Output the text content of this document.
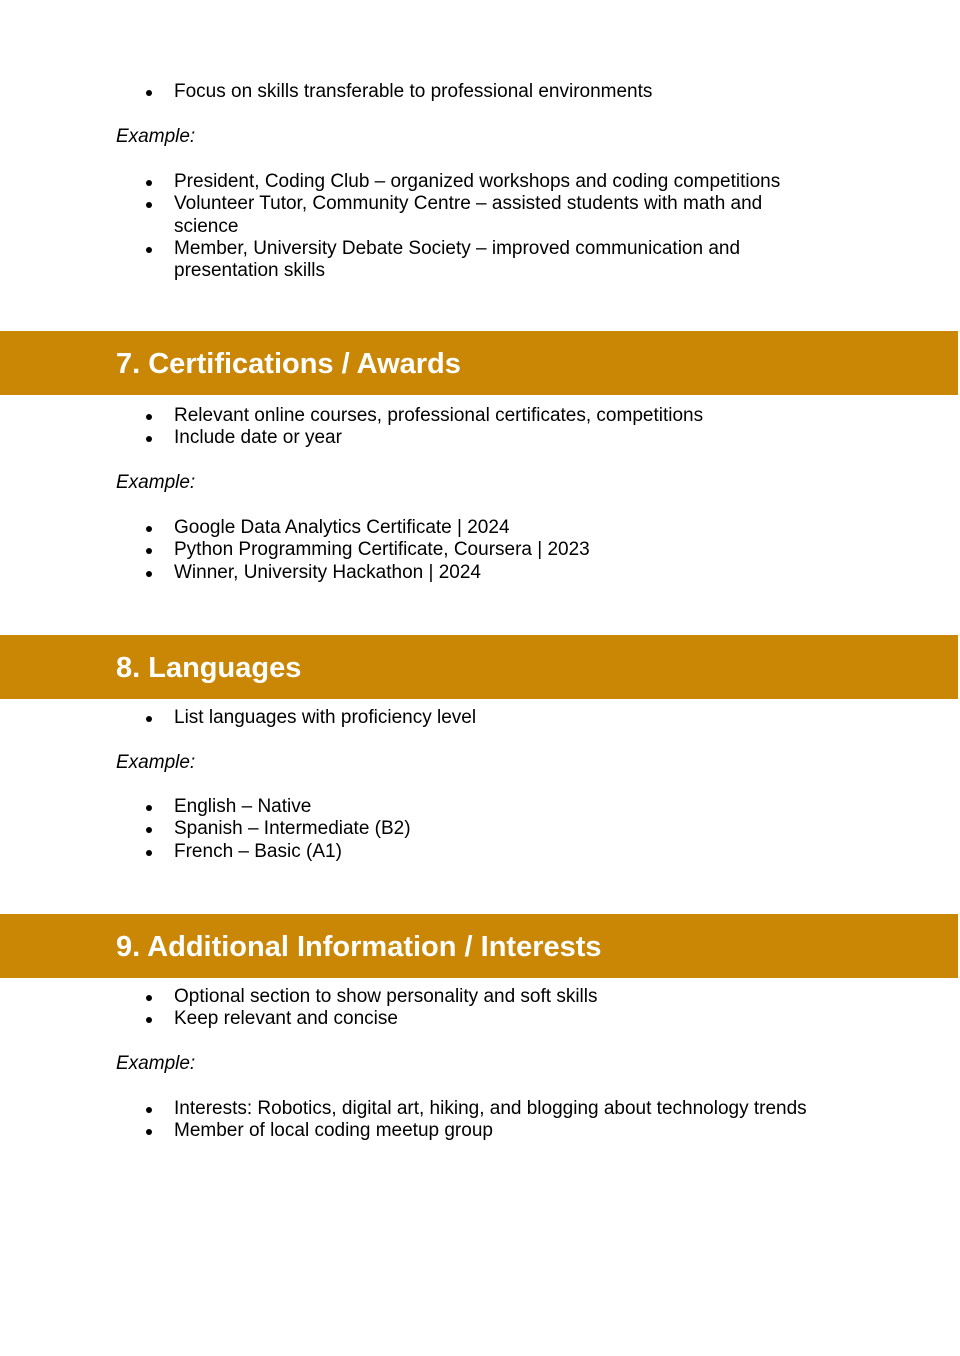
Focus on skills transferable to professional environments
Example:
President, Coding Club – organized workshops and coding competitions
Volunteer Tutor, Community Centre – assisted students with math and science
Member, University Debate Society – improved communication and presentation skills
7. Certifications / Awards
Relevant online courses, professional certificates, competitions
Include date or year
Example:
Google Data Analytics Certificate | 2024
Python Programming Certificate, Coursera | 2023
Winner, University Hackathon | 2024
8. Languages
List languages with proficiency level
Example:
English – Native
Spanish – Intermediate (B2)
French – Basic (A1)
9. Additional Information / Interests
Optional section to show personality and soft skills
Keep relevant and concise
Example:
Interests: Robotics, digital art, hiking, and blogging about technology trends
Member of local coding meetup group
